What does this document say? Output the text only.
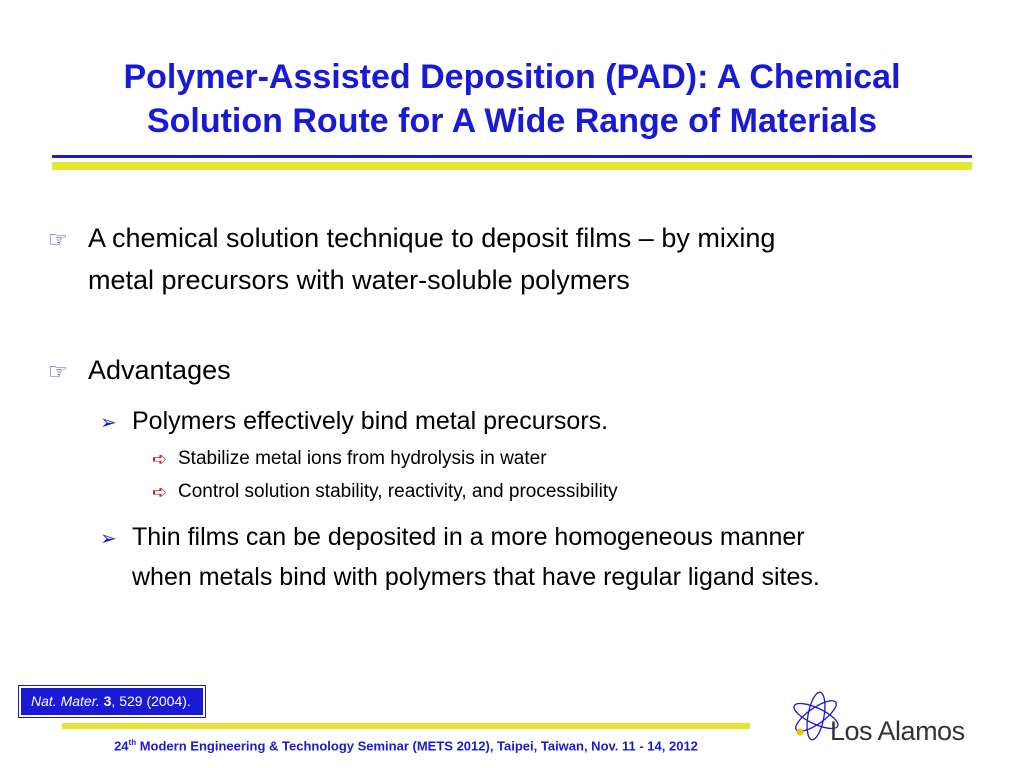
Polymer-Assisted Deposition (PAD): A Chemical
Solution Route for A Wide Range of Materials
☞ A chemical solution technique to deposit films – by mixing
metal precursors with water-soluble polymers
☞ Advantages
➢ Polymers effectively bind metal precursors.
➪ Stabilize metal ions from hydrolysis in water
➪ Control solution stability, reactivity, and processibility
➢ Thin films can be deposited in a more homogeneous manner
when metals bind with polymers that have regular ligand sites.
Nat. Mater. 3, 529 (2004).
24th Modern Engineering & Technology Seminar (METS 2012), Taipei, Taiwan, Nov. 11 - 14, 2012	Los Alamos
